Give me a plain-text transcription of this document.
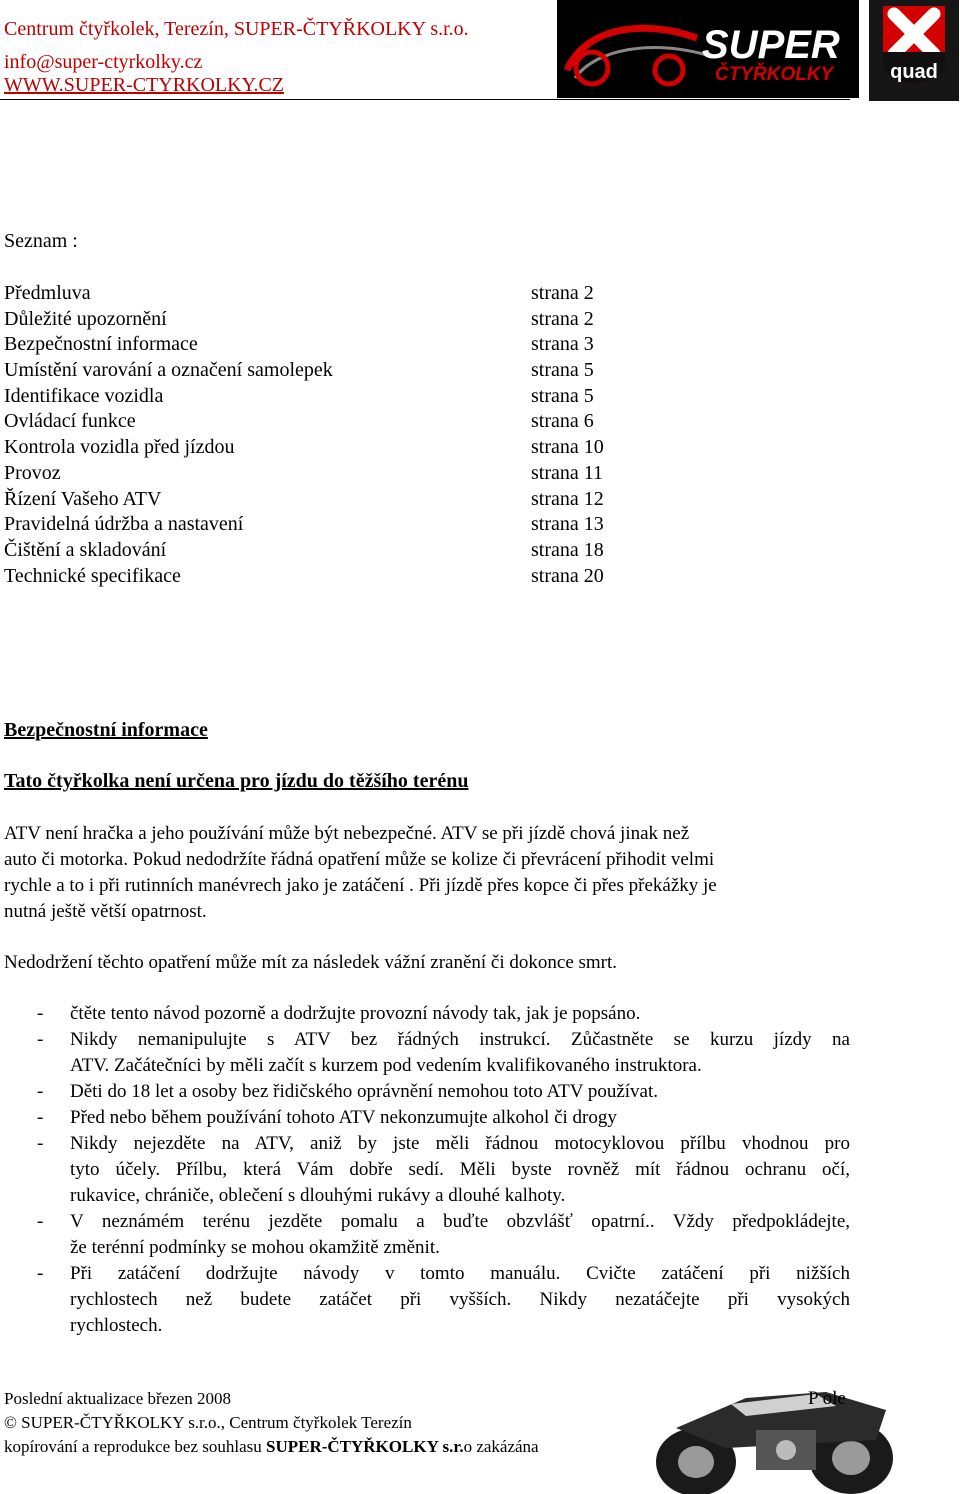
Centrum čtyřkolek, Terezín, SUPER-ČTYŘKOLKY s.r.o.
info@super-ctyrkolky.cz
WWW.SUPER-CTYRKOLKY.CZ
SUPER
ČTYŘKOLKY	quad
Seznam :
Předmluva	strana 2
Důležité upozornění	strana 2
Bezpečnostní informace	strana 3
Umístění varování a označení samolepek	strana 5
Identifikace vozidla	strana 5
Ovládací funkce	strana 6
Kontrola vozidla před jízdou	strana 10
Provoz	strana 11
Řízení Vašeho ATV	strana 12
Pravidelná údržba a nastavení	strana 13
Čištění a skladování	strana 18
Technické specifikace	strana 20
Bezpečnostní informace
Tato čtyřkolka není určena pro jízdu do těžšího terénu
ATV není hračka a jeho používání může být nebezpečné. ATV se při jízdě chová jinak než
auto či motorka. Pokud nedodržíte řádná opatření může se kolize či převrácení přihodit velmi
rychle a to i při rutinních manévrech jako je zatáčení . Při jízdě přes kopce či přes překážky je
nutná ještě větší opatrnost.
Nedodržení těchto opatření může mít za následek vážní zranění či dokonce smrt.
- čtěte tento návod pozorně a dodržujte provozní návody tak, jak je popsáno.
- Nikdy nemanipulujte s ATV bez řádných instrukcí. Zůčastněte se kurzu jízdy na
ATV. Začátečníci by měli začít s kurzem pod vedením kvalifikovaného instruktora.
- Děti do 18 let a osoby bez řidičského oprávnění nemohou toto ATV používat.
- Před nebo během používání tohoto ATV nekonzumujte alkohol či drogy
- Nikdy nejezděte na ATV, aniž by jste měli řádnou motocyklovou přílbu vhodnou pro
tyto účely. Přílbu, která Vám dobře sedí. Měli byste rovněž mít řádnou ochranu očí,
rukavice, chrániče, oblečení s dlouhými rukávy a dlouhé kalhoty.
- V neznámém terénu jezděte pomalu a buďte obzvlášť opatrní.. Vždy předpokládejte,
že terénní podmínky se mohou okamžitě změnit.
- Při zatáčení dodržujte návody v tomto manuálu. Cvičte zatáčení při nižších
rychlostech než budete zatáčet při vyšších. Nikdy nezatáčejte při vysokých
rychlostech.
Poslední aktualizace březen 2008
© SUPER-ČTYŘKOLKY s.r.o., Centrum čtyřkolek Terezín
kopírování a reprodukce bez souhlasu SUPER-ČTYŘKOLKY s.r.o zakázána
P ole
